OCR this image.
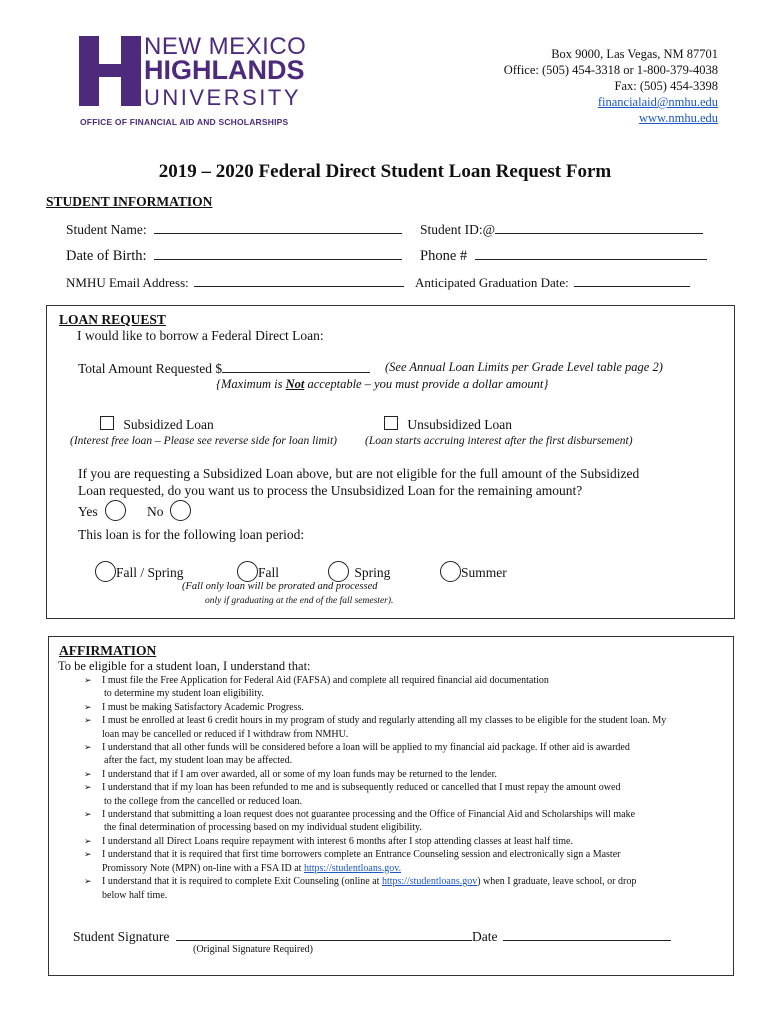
NEW MEXICO
HIGHLANDS
UNIVERSITY
OFFICE OF FINANCIAL AID AND SCHOLARSHIPS
Box 9000, Las Vegas, NM 87701
Office: (505) 454-3318 or 1-800-379-4038
Fax: (505) 454-3398
financialaid@nmhu.edu
www.nmhu.edu
2019 – 2020 Federal Direct Student Loan Request Form
STUDENT INFORMATION
Student Name:	Student ID:@
Date of Birth:	Phone #
NMHU Email Address:	Anticipated Graduation Date:
LOAN REQUEST
I would like to borrow a Federal Direct Loan:
Total Amount Requested $	(See Annual Loan Limits per Grade Level table page 2)
{Maximum is Not acceptable – you must provide a dollar amount}
Subsidized Loan
(Interest free loan – Please see reverse side for loan limit)
Unsubsidized Loan
(Loan starts accruing interest after the first disbursement)
If you are requesting a Subsidized Loan above, but are not eligible for the full amount of the Subsidized
Loan requested, do you want us to process the Unsubsidized Loan for the remaining amount?
Yes	No
This loan is for the following loan period:
Fall / Spring	Fall	Spring	Summer
(Fall only loan will be prorated and processed
only if graduating at the end of the fall semester).
AFFIRMATION
To be eligible for a student loan, I understand that:
➢ I must file the Free Application for Federal Aid (FAFSA) and complete all required financial aid documentation
to determine my student loan eligibility.
➢ I must be making Satisfactory Academic Progress.
➢ I must be enrolled at least 6 credit hours in my program of study and regularly attending all my classes to be eligible for the student loan. My
loan may be cancelled or reduced if I withdraw from NMHU.
➢ I understand that all other funds will be considered before a loan will be applied to my financial aid package. If other aid is awarded
after the fact, my student loan may be affected.
➢ I understand that if I am over awarded, all or some of my loan funds may be returned to the lender.
➢ I understand that if my loan has been refunded to me and is subsequently reduced or cancelled that I must repay the amount owed
to the college from the cancelled or reduced loan.
➢ I understand that submitting a loan request does not guarantee processing and the Office of Financial Aid and Scholarships will make
the final determination of processing based on my individual student eligibility.
➢ I understand all Direct Loans require repayment with interest 6 months after I stop attending classes at least half time.
➢ I understand that it is required that first time borrowers complete an Entrance Counseling session and electronically sign a Master
Promissory Note (MPN) on-line with a FSA ID at https://studentloans.gov.
➢ I understand that it is required to complete Exit Counseling (online at https://studentloans.gov) when I graduate, leave school, or drop
below half time.
Student Signature	Date
(Original Signature Required)
